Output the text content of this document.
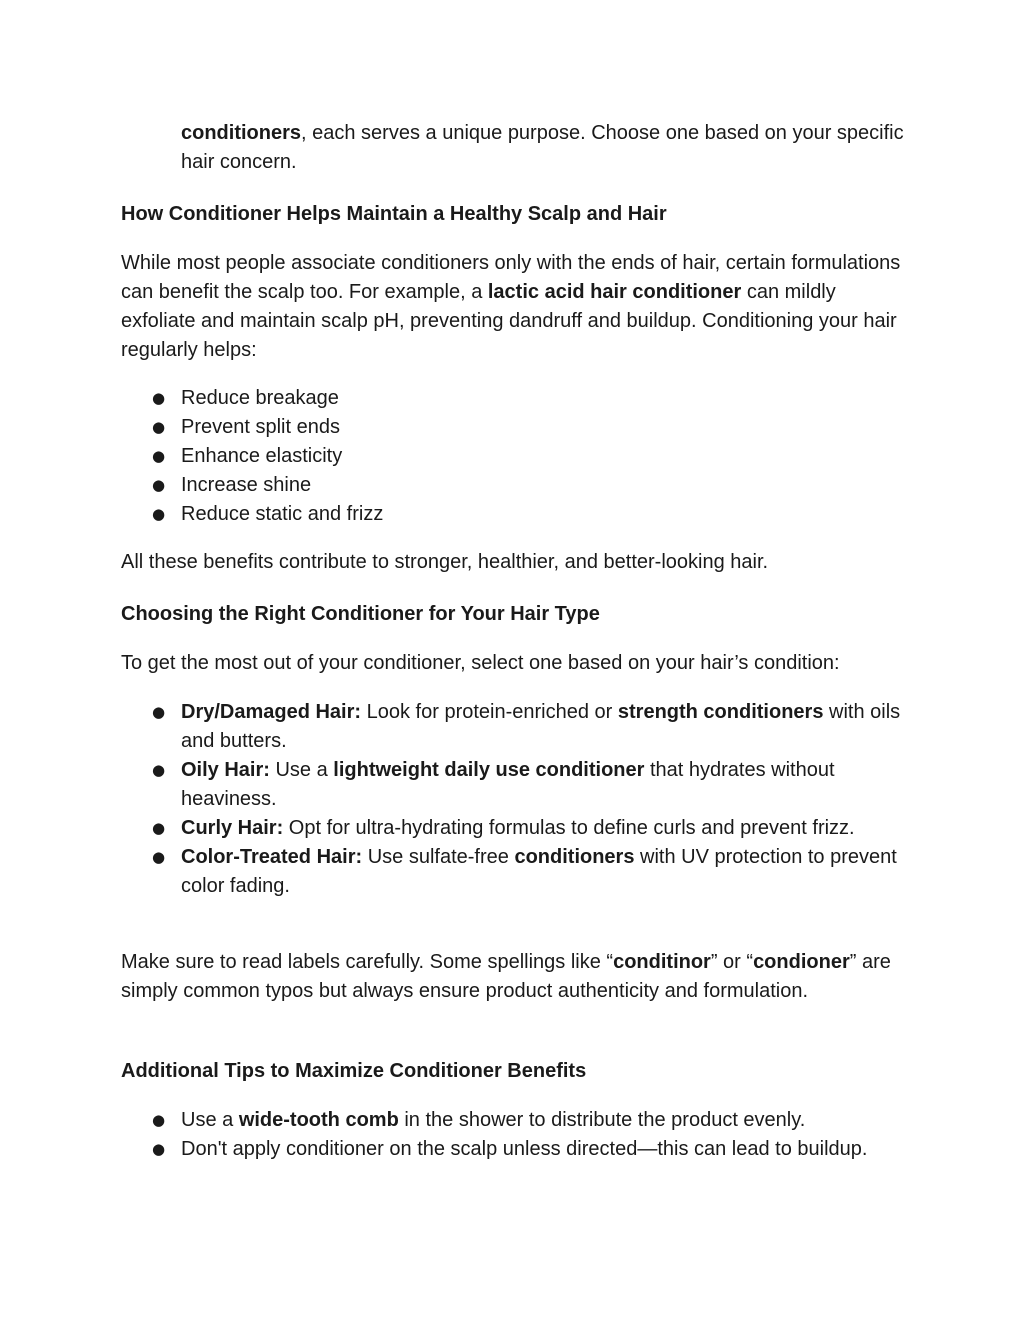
conditioners, each serves a unique purpose. Choose one based on your specific hair concern.

How Conditioner Helps Maintain a Healthy Scalp and Hair

While most people associate conditioners only with the ends of hair, certain formulations can benefit the scalp too. For example, a lactic acid hair conditioner can mildly exfoliate and maintain scalp pH, preventing dandruff and buildup. Conditioning your hair regularly helps:

● Reduce breakage
● Prevent split ends
● Enhance elasticity
● Increase shine
● Reduce static and frizz

All these benefits contribute to stronger, healthier, and better-looking hair.

Choosing the Right Conditioner for Your Hair Type

To get the most out of your conditioner, select one based on your hair’s condition:

● Dry/Damaged Hair: Look for protein-enriched or strength conditioners with oils and butters.
● Oily Hair: Use a lightweight daily use conditioner that hydrates without heaviness.
● Curly Hair: Opt for ultra-hydrating formulas to define curls and prevent frizz.
● Color-Treated Hair: Use sulfate-free conditioners with UV protection to prevent color fading.

Make sure to read labels carefully. Some spellings like “conditinor” or “condioner” are simply common typos but always ensure product authenticity and formulation.

Additional Tips to Maximize Conditioner Benefits
● Use a wide-tooth comb in the shower to distribute the product evenly.
● Don't apply conditioner on the scalp unless directed—this can lead to buildup.
